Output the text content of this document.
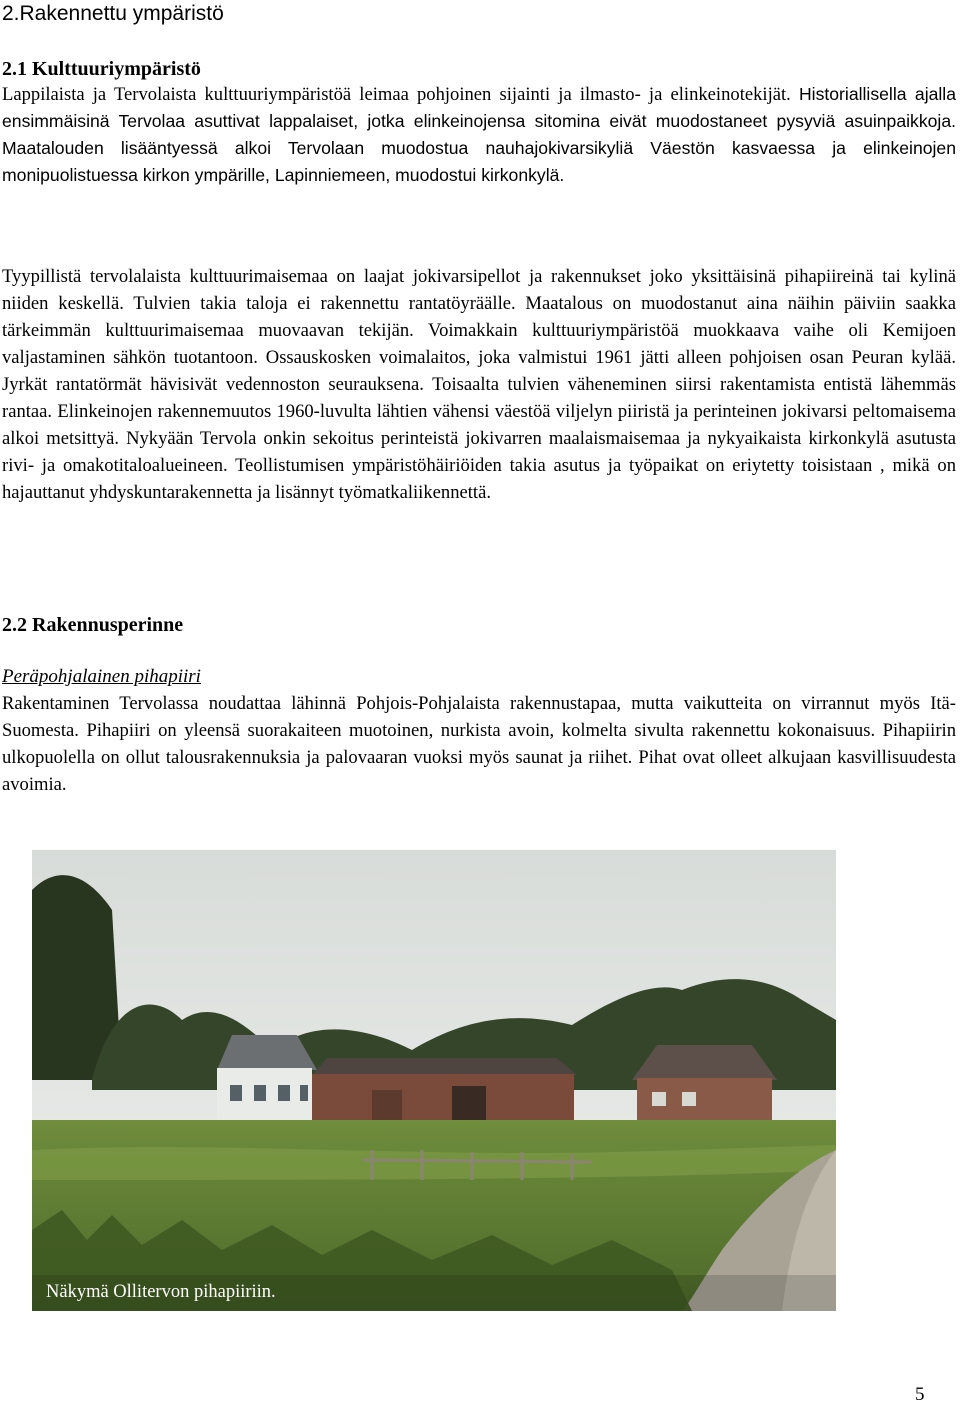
2.Rakennettu ympäristö
2.1 Kulttuuriympäristö
Lappilaista ja Tervolaista kulttuuriympäristöä leimaa pohjoinen sijainti ja ilmasto- ja elinkeinotekijät. Historiallisella ajalla ensimmäisinä Tervolaa asuttivat lappalaiset, jotka elinkeinojensa sitomina eivät muodostaneet pysyviä asuinpaikkoja. Maatalouden lisääntyessä alkoi Tervolaan muodostua nauhajokivarsikyliä Väestön kasvaessa ja elinkeinojen monipuolistuessa kirkon ympärille, Lapinniemeen, muodostui kirkonkylä.
Tyypillistä tervolalaista kulttuurimaisemaa on laajat jokivarsipellot ja rakennukset joko yksittäisinä pihapiireinä tai kylinä niiden keskellä. Tulvien takia taloja ei rakennettu rantatöyräälle. Maatalous on muodostanut aina näihin päiviin saakka tärkeimmän kulttuurimaisemaa muovaavan tekijän. Voimakkain kulttuuriympäristöä muokkaava vaihe oli Kemijoen valjastaminen sähkön tuotantoon. Ossauskosken voimalaitos, joka valmistui 1961 jätti alleen pohjoisen osan Peuran kylää. Jyrkät rantatörmät hävisivät vedennoston seurauksena. Toisaalta tulvien väheneminen siirsi rakentamista entistä lähemmäs rantaa. Elinkeinojen rakennemuutos 1960-luvulta lähtien vähensi väestöä viljelyn piiristä ja perinteinen jokivarsi peltomaisema alkoi metsittyä. Nykyään Tervola onkin sekoitus perinteistä jokivarren maalaismaisemaa ja nykyaikaista kirkonkylä asutusta rivi- ja omakotitaloalueineen. Teollistumisen ympäristöhäiriöiden takia asutus ja työpaikat on eriytetty toisistaan , mikä on hajauttanut yhdyskuntarakennetta ja lisännyt työmatkaliikennettä.
2.2 Rakennusperinne
Peräpohjalainen pihapiiri
Rakentaminen Tervolassa noudattaa lähinnä Pohjois-Pohjalaista rakennustapaa, mutta vaikutteita on virrannut myös Itä-Suomesta. Pihapiiri on yleensä suorakaiteen muotoinen, nurkista avoin, kolmelta sivulta rakennettu kokonaisuus. Pihapiirin ulkopuolella on ollut talousrakennuksia ja palovaaran vuoksi myös saunat ja riihet. Pihat ovat olleet alkujaan kasvillisuudesta avoimia.
Näkymä Ollitervon pihapiiriin.
5
